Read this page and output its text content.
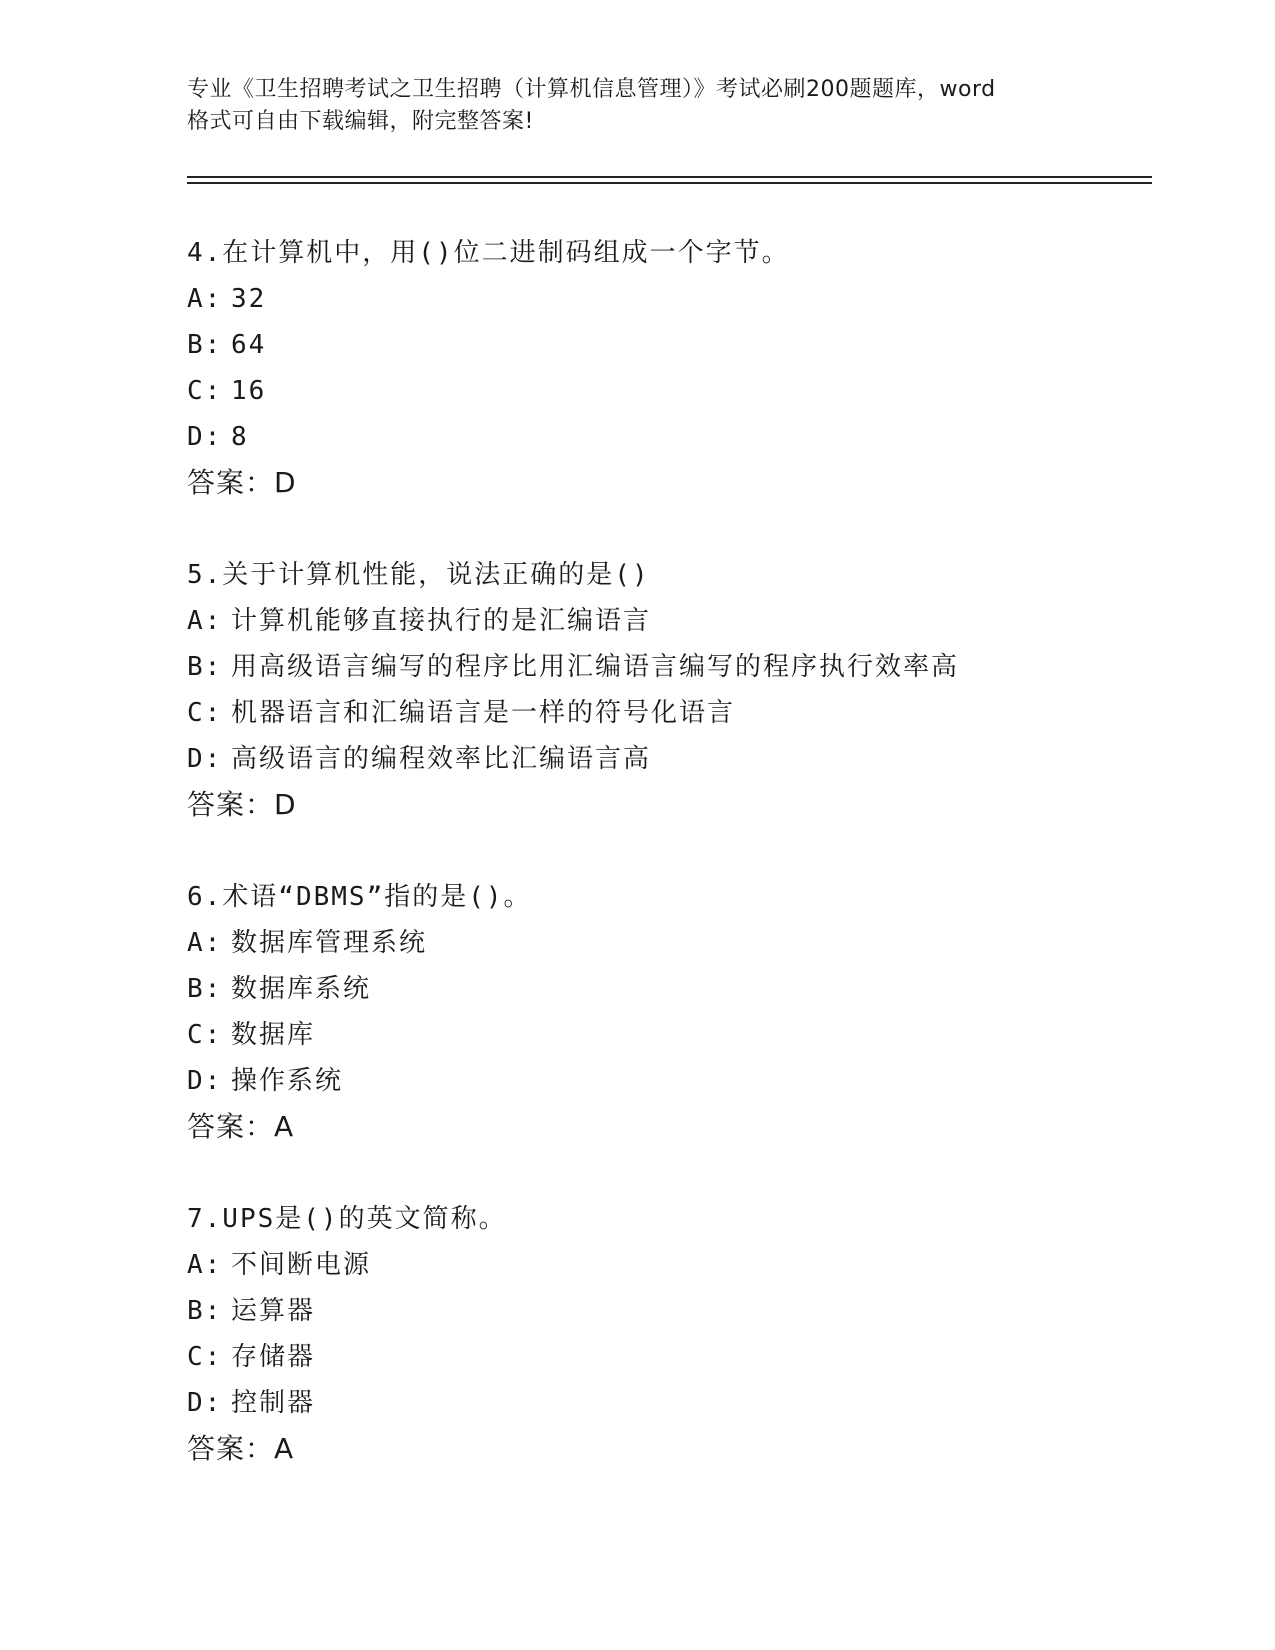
专业《卫生招聘考试之卫生招聘（计算机信息管理）》考试必刷200题题库，word
格式可自由下载编辑，附完整答案!
4.在计算机中，用()位二进制码组成一个字节。
A: 32
B: 64
C: 16
D: 8
答案：D
5.关于计算机性能，说法正确的是()
A: 计算机能够直接执行的是汇编语言
B: 用高级语言编写的程序比用汇编语言编写的程序执行效率高
C: 机器语言和汇编语言是一样的符号化语言
D: 高级语言的编程效率比汇编语言高
答案：D
6.术语“DBMS”指的是()。
A: 数据库管理系统
B: 数据库系统
C: 数据库
D: 操作系统
答案：A
7.UPS是()的英文简称。
A: 不间断电源
B: 运算器
C: 存储器
D: 控制器
答案：A
